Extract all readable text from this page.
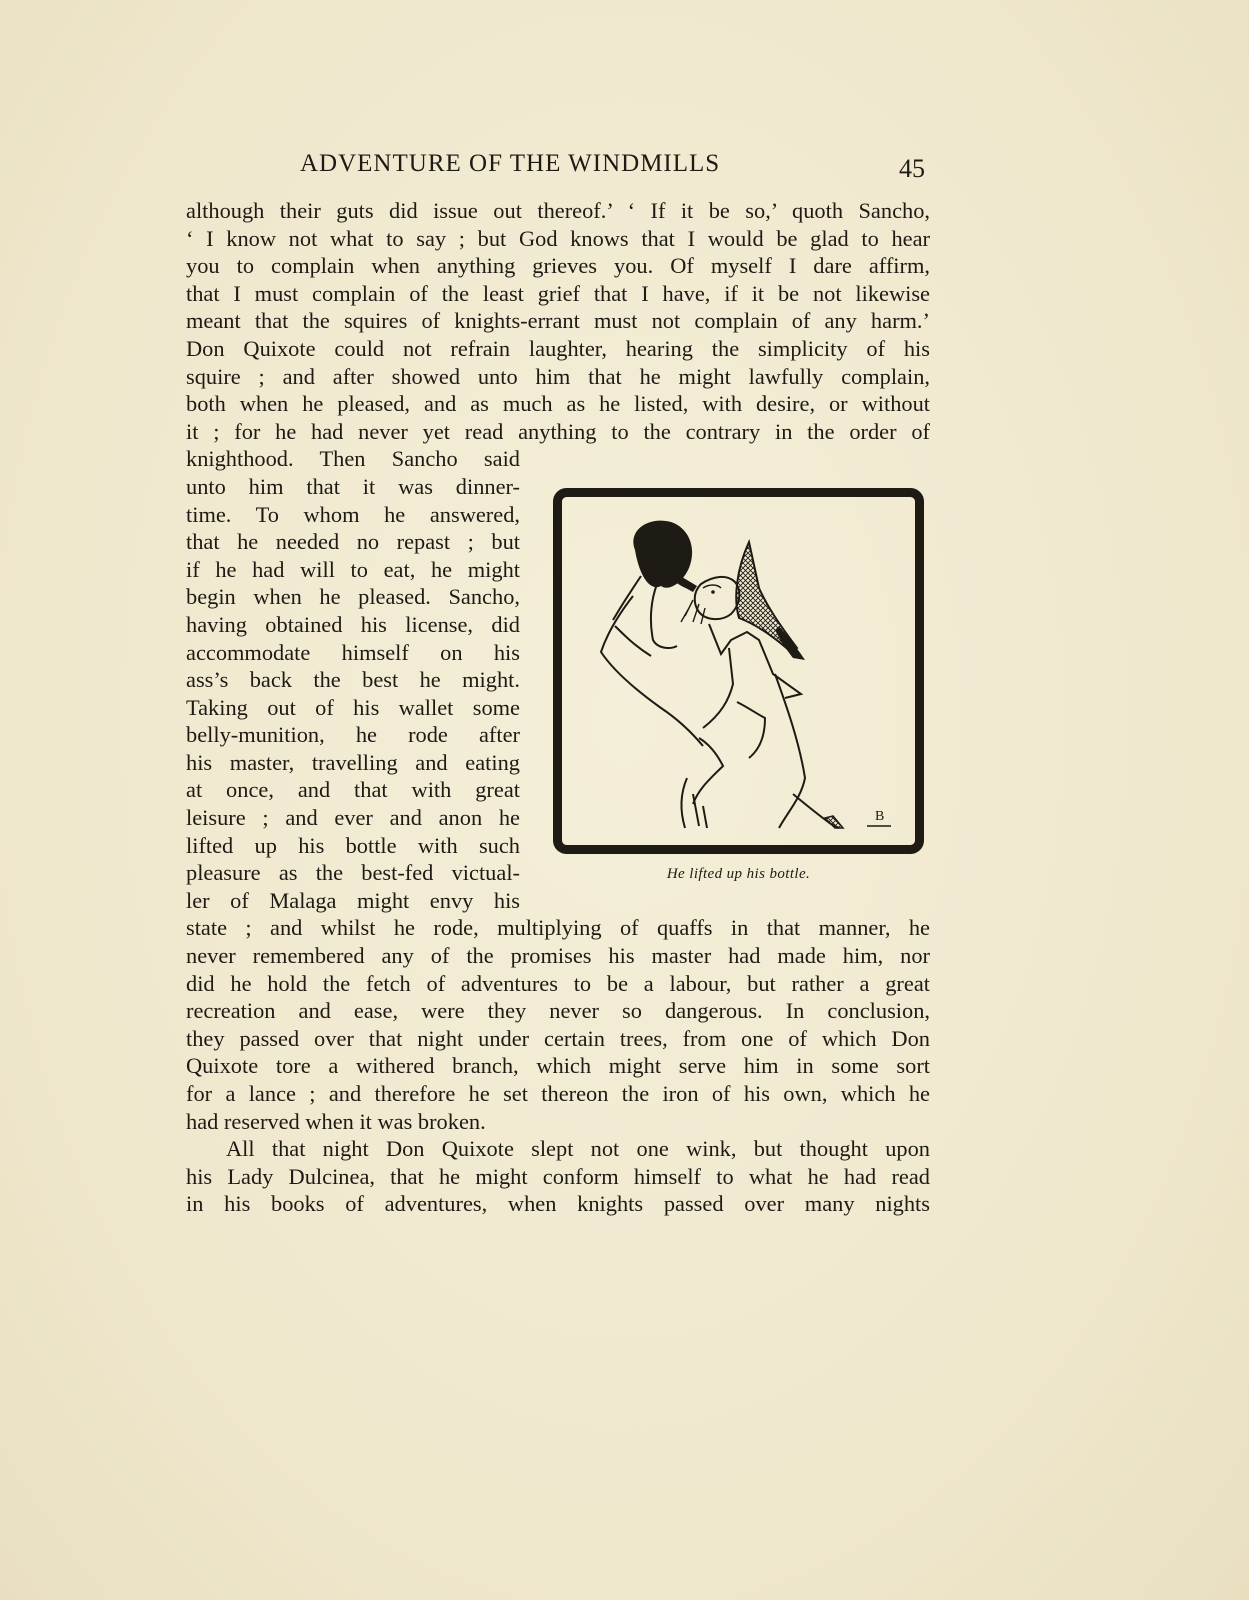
ADVENTURE OF THE WINDMILLS	45
although their guts did issue out thereof.’ ‘ If it be so,’ quoth Sancho,
‘ I know not what to say ; but God knows that I would be glad to hear
you to complain when anything grieves you. Of myself I dare affirm,
that I must complain of the least grief that I have, if it be not likewise
meant that the squires of knights-errant must not complain of any harm.’
Don Quixote could not refrain laughter, hearing the simplicity of his
squire ; and after showed unto him that he might lawfully complain,
both when he pleased, and as much as he listed, with desire, or without
it ; for he had never yet read anything to the contrary in the order of
knighthood. Then Sancho said
unto him that it was dinner-
time. To whom he answered,
that he needed no repast ; but
if he had will to eat, he might
begin when he pleased. Sancho,
having obtained his license, did
accommodate himself on his
ass’s back the best he might.
Taking out of his wallet some
belly-munition, he rode after
his master, travelling and eating
at once, and that with great
leisure ; and ever and anon he
lifted up his bottle with such
pleasure as the best-fed victual-
ler of Malaga might envy his
state ; and whilst he rode, multiplying of quaffs in that manner, he
never remembered any of the promises his master had made him, nor
did he hold the fetch of adventures to be a labour, but rather a great
recreation and ease, were they never so dangerous. In conclusion,
they passed over that night under certain trees, from one of which Don
Quixote tore a withered branch, which might serve him in some sort
for a lance ; and therefore he set thereon the iron of his own, which he
had reserved when it was broken.
All that night Don Quixote slept not one wink, but thought upon
his Lady Dulcinea, that he might conform himself to what he had read
in his books of adventures, when knights passed over many nights
B
He lifted up his bottle.
